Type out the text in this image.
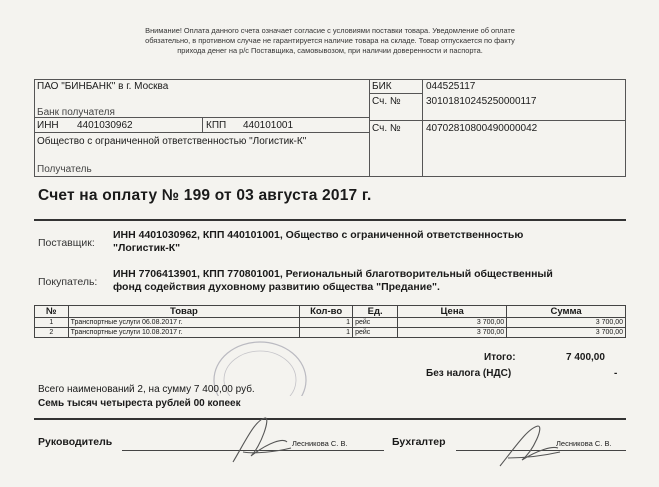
Внимание! Оплата данного счета означает согласие с условиями поставки товара. Уведомление об оплате
обязательно, в противном случае не гарантируется наличие товара на складе. Товар отпускается по факту
прихода денег на р/с Поставщика, самовывозом, при наличии доверенности и паспорта.
ПАО "БИНБАНК" в г. Москва
Банк получателя
БИК	044525117
Сч. №	30101810245250000117
ИНН 4401030962	КПП 440101001	Сч. №	40702810800490000042
Общество с ограниченной ответственностью "Логистик-К"
Получатель
Счет на оплату № 199 от 03 августа 2017 г.
Поставщик:
ИНН 4401030962, КПП 440101001, Общество с ограниченной ответственностью
"Логистик-К"
Покупатель:
ИНН 7706413901, КПП 770801001, Региональный благотворительный общественный
фонд содействия духовному развитию общества "Предание".
№	Товар	Кол-во	Ед.	Цена	Сумма
1	Транспортные услуги 06.08.2017 г.	1	рейс	3 700,00	3 700,00
2	Транспортные услуги 10.08.2017 г.	1	рейс	3 700,00	3 700,00
Итого:	7 400,00
Без налога (НДС)	-
Всего наименований 2, на сумму 7 400,00 руб.
Семь тысяч четыреста рублей 00 копеек
Руководитель	Лесникова С. В.	Бухгалтер	Лесникова С. В.
